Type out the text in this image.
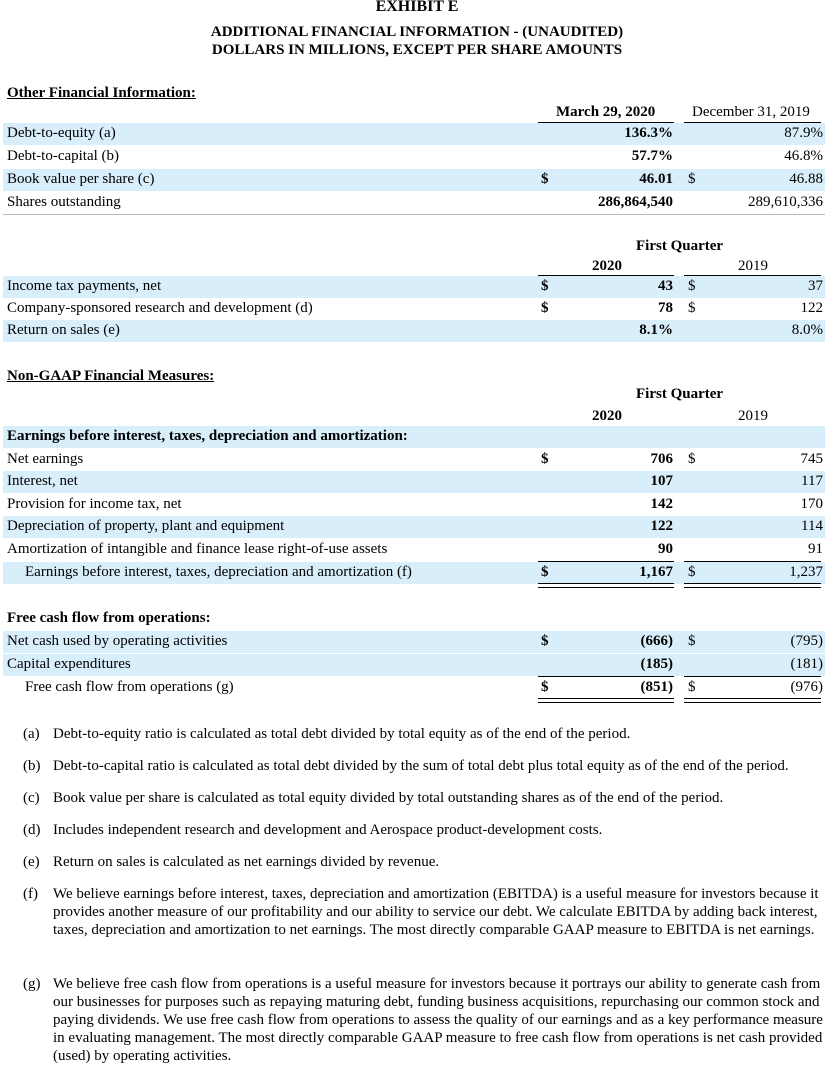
EXHIBIT E
ADDITIONAL FINANCIAL INFORMATION - (UNAUDITED)
DOLLARS IN MILLIONS, EXCEPT PER SHARE AMOUNTS
Other Financial Information:
March 29, 2020 December 31, 2019
Debt-to-equity (a)	136.3%	87.9%
Debt-to-capital (b)	57.7%	46.8%
Book value per share (c)	$	46.01 $	46.88
Shares outstanding	286,864,540	289,610,336
First Quarter
2020	2019
Income tax payments, net	$	43 $	37
Company-sponsored research and development (d)	$	78 $	122
Return on sales (e)	8.1%	8.0%
Non-GAAP Financial Measures:
First Quarter
2020	2019
Earnings before interest, taxes, depreciation and amortization:
Net earnings	$	706 $	745
Interest, net	107	117
Provision for income tax, net	142	170
Depreciation of property, plant and equipment	122	114
Amortization of intangible and finance lease right-of-use assets	90	91
Earnings before interest, taxes, depreciation and amortization (f)	$	1,167 $	1,237
Free cash flow from operations:
Net cash used by operating activities	$	(666) $	(795)
Capital expenditures	(185)	(181)
Free cash flow from operations (g)	$	(851) $	(976)
(a) Debt-to-equity ratio is calculated as total debt divided by total equity as of the end of the period.
(b) Debt-to-capital ratio is calculated as total debt divided by the sum of total debt plus total equity as of the end of the period.
(c) Book value per share is calculated as total equity divided by total outstanding shares as of the end of the period.
(d) Includes independent research and development and Aerospace product-development costs.
(e) Return on sales is calculated as net earnings divided by revenue.
(f) We believe earnings before interest, taxes, depreciation and amortization (EBITDA) is a useful measure for investors because it provides another measure of our profitability and our ability to service our debt. We calculate EBITDA by adding back interest, taxes, depreciation and amortization to net earnings. The most directly comparable GAAP measure to EBITDA is net earnings.
(g) We believe free cash flow from operations is a useful measure for investors because it portrays our ability to generate cash from our businesses for purposes such as repaying maturing debt, funding business acquisitions, repurchasing our common stock and paying dividends. We use free cash flow from operations to assess the quality of our earnings and as a key performance measure in evaluating management. The most directly comparable GAAP measure to free cash flow from operations is net cash provided (used) by operating activities.
